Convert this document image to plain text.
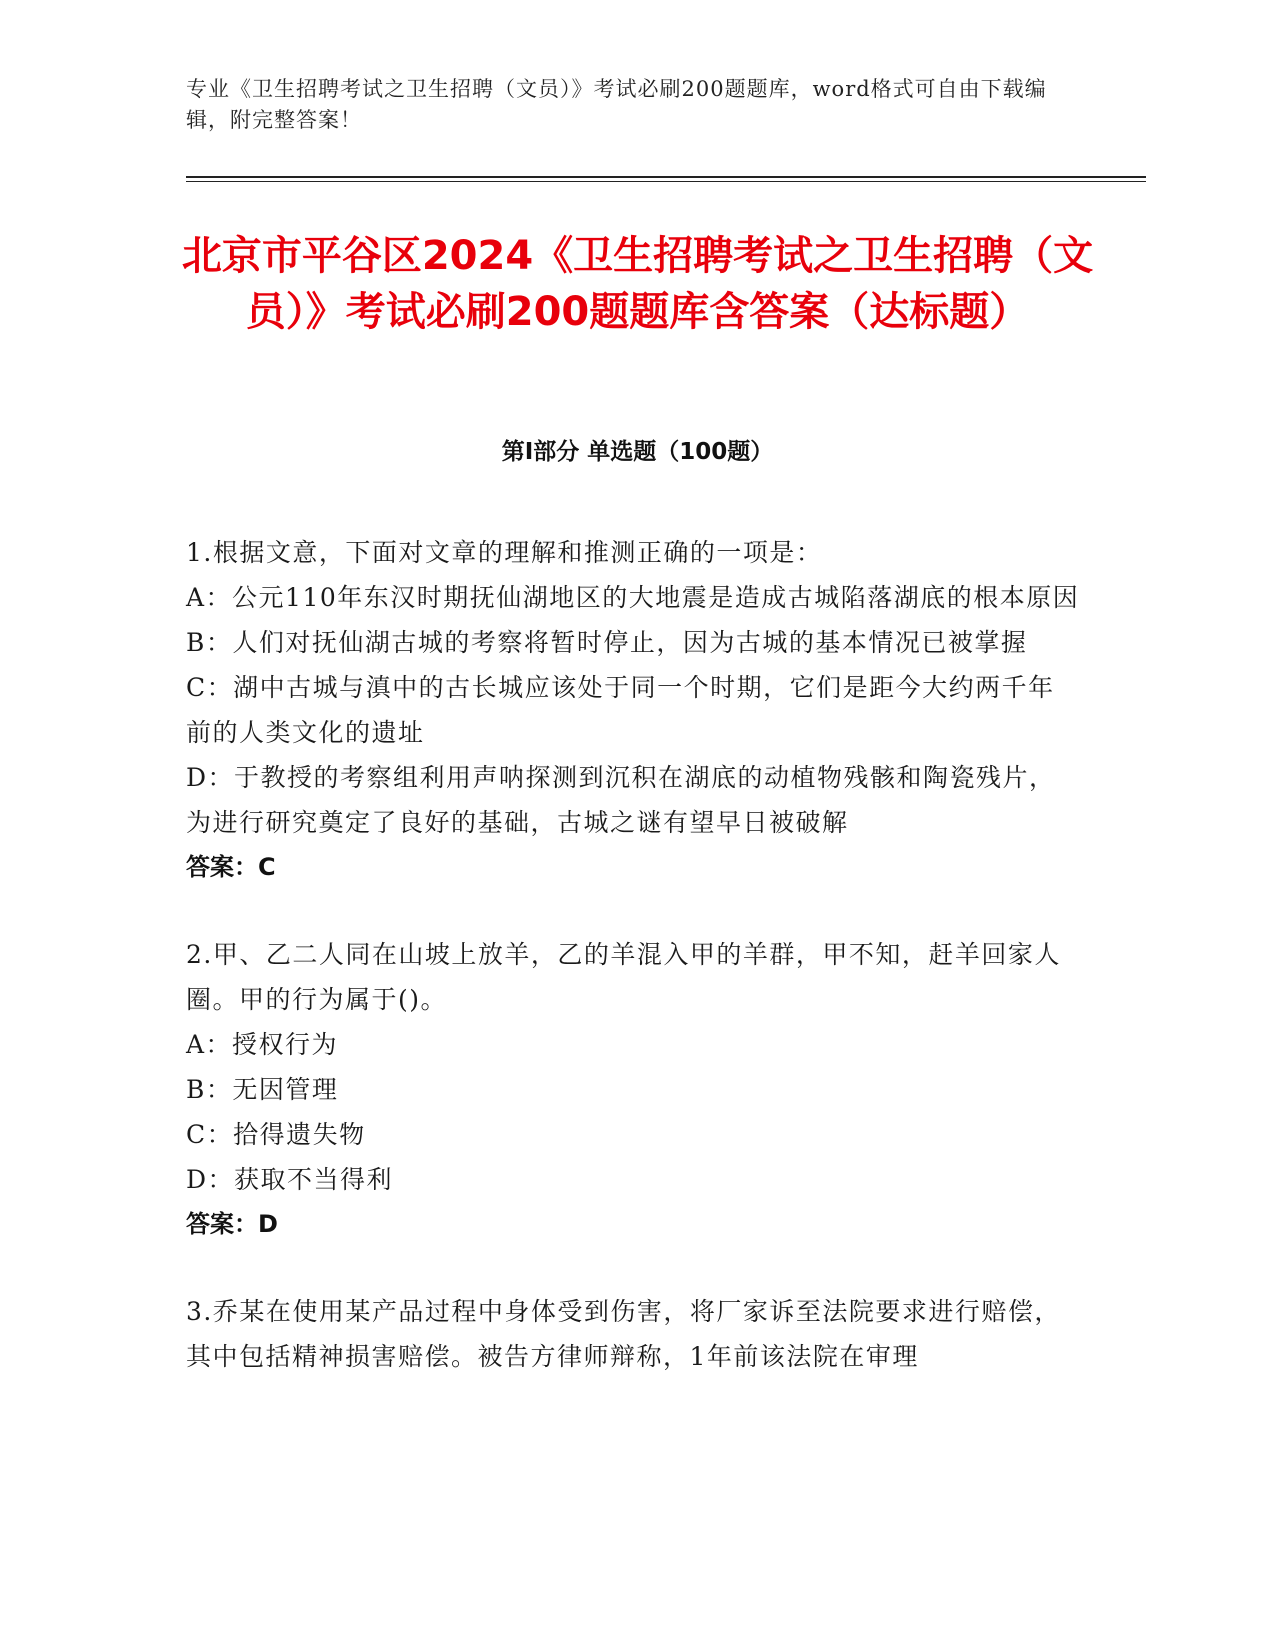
专业《卫生招聘考试之卫生招聘（文员）》考试必刷200题题库，word格式可自由下载编辑，附完整答案！
北京市平谷区2024《卫生招聘考试之卫生招聘（文员）》考试必刷200题题库含答案（达标题）
第Ⅰ部分 单选题（100题）

1.根据文意，下面对文章的理解和推测正确的一项是：

A：公元110年东汉时期抚仙湖地区的大地震是造成古城陷落湖底的根本原因

B：人们对抚仙湖古城的考察将暂时停止，因为古城的基本情况已被掌握

C：湖中古城与滇中的古长城应该处于同一个时期，它们是距今大约两千年前的人类文化的遗址

D：于教授的考察组利用声呐探测到沉积在湖底的动植物残骸和陶瓷残片，为进行研究奠定了良好的基础，古城之谜有望早日被破解

答案：C

2.甲、乙二人同在山坡上放羊，乙的羊混入甲的羊群，甲不知，赶羊回家人圈。甲的行为属于()。

A：授权行为

B：无因管理

C：拾得遗失物

D：获取不当得利

答案：D

3.乔某在使用某产品过程中身体受到伤害，将厂家诉至法院要求进行赔偿，其中包括精神损害赔偿。被告方律师辩称，1年前该法院在审理
